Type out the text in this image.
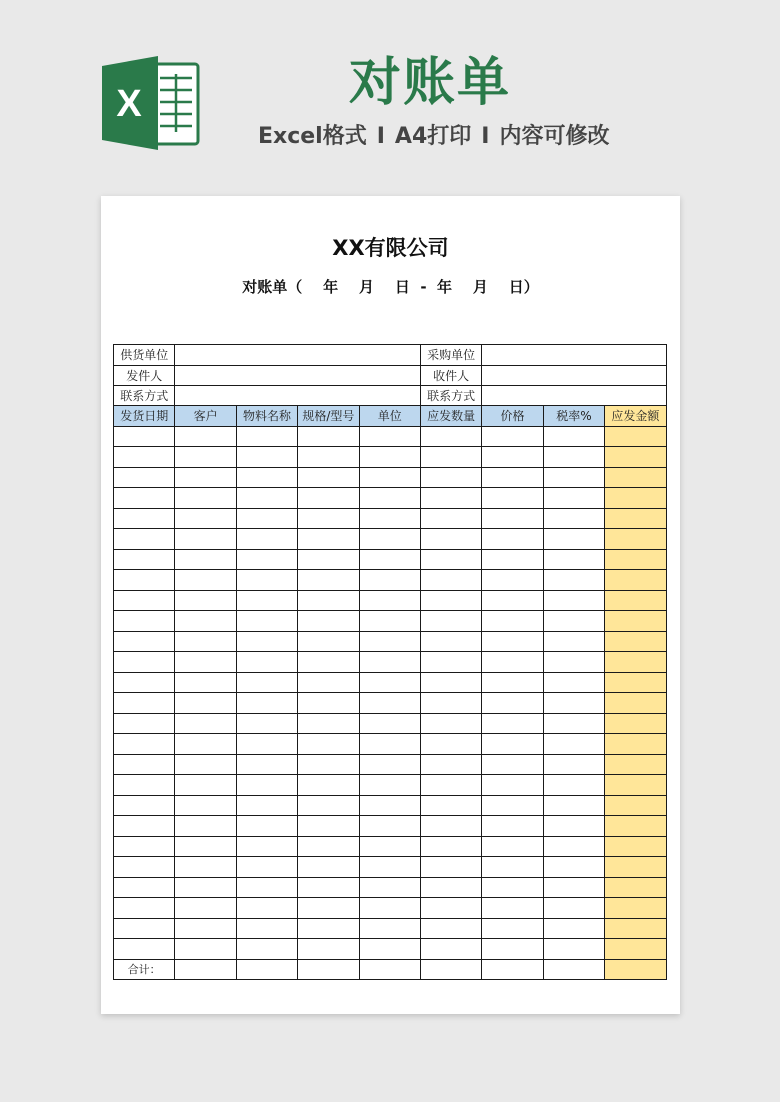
X	对账单
Excel格式 I A4打印 I 内容可修改
XX有限公司
对账单（    年    月    日  -  年    月    日）
供货单位		采购单位	
发件人		收件人	
联系方式		联系方式	
发货日期	客户	物料名称	规格/型号	单位	应发数量	价格	税率%	应发金额

合计：								
